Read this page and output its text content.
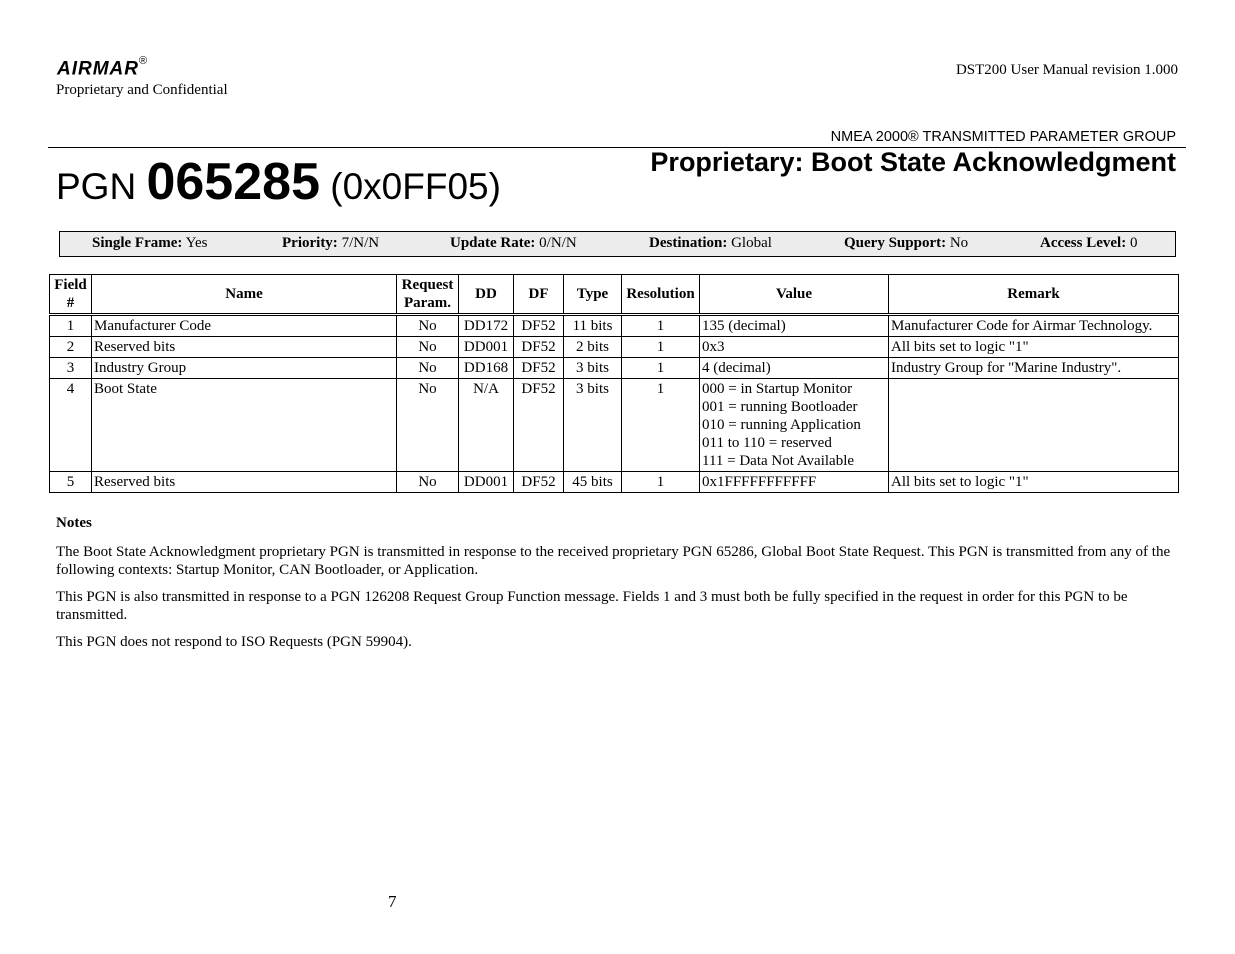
AIRMAR®
Proprietary and Confidential
DST200 User Manual revision 1.000
NMEA 2000® TRANSMITTED PARAMETER GROUP
PGN 065285 (0x0FF05)
Proprietary: Boot State Acknowledgment
Single Frame: Yes	Priority: 7/N/N	Update Rate: 0/N/N	Destination: Global	Query Support: No	Access Level: 0
Field #	Name	Request Param.	DD	DF	Type	Resolution	Value	Remark
1	Manufacturer Code	No	DD172	DF52	11 bits	1	135 (decimal)	Manufacturer Code for Airmar Technology.
2	Reserved bits	No	DD001	DF52	2 bits	1	0x3	All bits set to logic "1"
3	Industry Group	No	DD168	DF52	3 bits	1	4 (decimal)	Industry Group for "Marine Industry".
4	Boot State	No	N/A	DF52	3 bits	1	000 = in Startup Monitor
001 = running Bootloader
010 = running Application
011 to 110 = reserved
111 = Data Not Available	

5	Reserved bits	No	DD001	DF52	45 bits	1	0x1FFFFFFFFFFF	All bits set to logic "1"
Notes
The Boot State Acknowledgment proprietary PGN is transmitted in response to the received proprietary PGN 65286, Global Boot State Request. This PGN is transmitted from any of the following contexts: Startup Monitor, CAN Bootloader, or Application.
This PGN is also transmitted in response to a PGN 126208 Request Group Function message. Fields 1 and 3 must both be fully specified in the request in order for this PGN to be transmitted.
This PGN does not respond to ISO Requests (PGN 59904).
7
